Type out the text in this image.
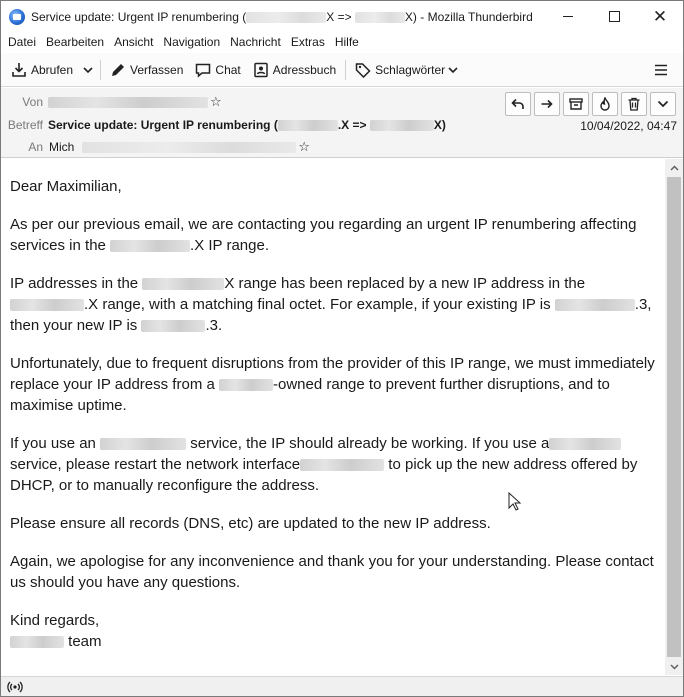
Service update: Urgent IP renumbering (	X =>	X) - Mozilla Thunderbird	✕
Datei Bearbeiten Ansicht Navigation Nachricht Extras Hilfe
Abrufen	Verfassen	Chat	Adressbuch	Schlagwörter
Von	☆
Betreff Service update: Urgent IP renumbering (	.X =>	X)
An Mich	☆
10/04/2022, 04:47

Dear Maximilian,

As per our previous email, we are contacting you regarding an urgent IP renumbering affecting services in the	.X IP range.

IP addresses in the	X range has been replaced by a new IP address in the .X range, with a matching final octet. For example, if your existing IP is	.3, then your new IP is	.3.

Unfortunately, due to frequent disruptions from the provider of this IP range, we must immediately replace your IP address from a	-owned range to prevent further disruptions, and to maximise uptime.

If you use an	service, the IP should already be working. If you use a service, please restart the network interface	to pick up the new address offered by DHCP, or to manually reconfigure the address.

Please ensure all records (DNS, etc) are updated to the new IP address.

Again, we apologise for any inconvenience and thank you for your understanding. Please contact us should you have any questions.

Kind regards,
team
